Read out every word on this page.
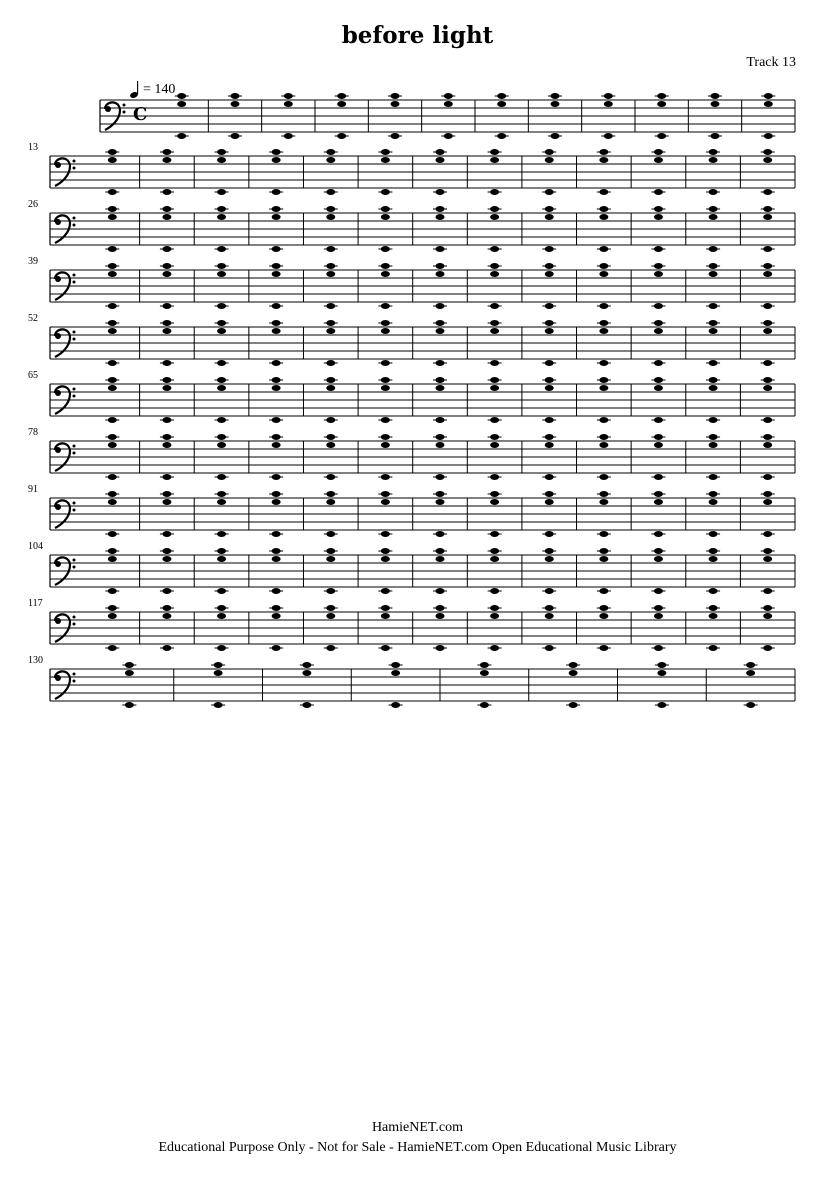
before light
Track 13
= 140
C
13
26
39
52
65
78
91
104
117
130
HamieNET.com
Educational Purpose Only - Not for Sale - HamieNET.com Open Educational Music Library
